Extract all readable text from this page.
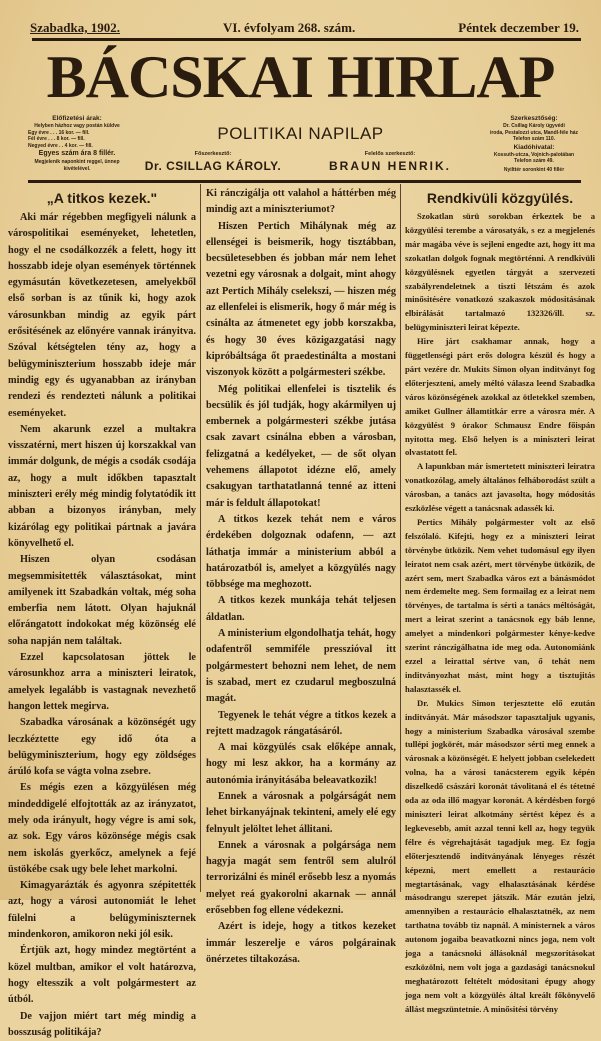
Szabadka, 1902.	VI. évfolyam 268. szám.	Péntek deczember 19.
BÁCSKAI HIRLAP
POLITIKAI NAPILAP
Előfizetési árak:
Helyben házhoz vagy postán küldve
Egy évre . . . 16 kor. — fill.
Fél évre . . . 8 kor. — fill.
Negyed évre . . 4 kor. — fill.
Egyes szám ára 8 fillér.
Megjelenik naponkint reggel, ünnep kivételével.
Szerkesztőség:
Dr. Csillag Károly ügyvédi
iroda, Pestalozzi utca, Mandl-féle ház
Telefon szám 110.
Kiadóhivatal:
Kossuth-utcza, Vojnich-palotában
Telefon szám 49.
Nyilttér soronkint 40 fillér
Főszerkesztő:
Dr. CSILLAG KÁROLY.
Felelős szerkesztő:
BRAUN HENRIK.
„A titkos kezek."

Aki már régebben megfigyeli nálunk a várospolitikai eseményeket, lehetetlen, hogy el ne csodálkozzék a felett, hogy itt hosszabb ideje olyan események történnek egymásután következetesen, amelyekből első sorban is az tűnik ki, hogy azok városunkban mindig az egyik párt erősitésének az előnyére vannak irányitva. Szóval kétségtelen tény az, hogy a belügyminiszterium hosszabb ideje már mindig egy és ugyanabban az irányban rendezi és rendezteti nálunk a politikai eseményeket.

Nem akarunk ezzel a multakra visszatérni, mert hiszen új korszakkal van immár dolgunk, de mégis a csodák csodája az, hogy a mult időkben tapasztalt miniszteri erély még mindig folytatódik itt abban a bizonyos irányban, mely kizárólag egy politikai pártnak a javára könyvelhető el.

Hiszen olyan csodásan megsemmisitették választásokat, mint amilyenek itt Szabadkán voltak, még soha emberfia nem látott. Olyan hajuknál előrángatott indokokat még közönség elé soha napján nem találtak.

Ezzel kapcsolatosan jöttek le városunkhoz arra a miniszteri leiratok, amelyek legalább is vastagnak nevezhető hangon lettek megirva.

Szabadka városának a közönségét ugy leczkéztette egy idő óta a belügyminiszterium, hogy egy zöldséges árúló kofa se vágta volna zsebre.

Es mégis ezen a közgyülésen még mindeddigelé elfojtották az az irányzatot, mely oda irányult, hogy végre is ami sok, az sok. Egy város közönsége mégis csak nem iskolás gyerkőcz, amelynek a fejé üstökébe csak ugy bele lehet markolni.

Kimagyarázták és agyonra szépitették azt, hogy a városi autonomiát le lehet fülelni a belügyminiszternek mindenkoron, amikoron neki jól esik.

Értjük azt, hogy mindez megtörtént a közel multban, amikor el volt határozva, hogy eltesszik a volt polgármestert az útból.

De vajjon miért tart még mindig a bosszuság politikája?

Ki ránczigálja ott valahol a háttérben még mindig azt a miniszteriumot?

Hiszen Pertich Mihálynak még az ellenségei is beismerik, hogy tisztábban, becsületesebben és jobban már nem lehet vezetni egy városnak a dolgait, mint ahogy azt Pertich Mihály cselekszi, — hiszen még az ellenfelei is elismerik, hogy ő már még is csinálta az átmenetet egy jobb korszakba, és hogy 30 éves közigazgatási nagy kipróbáltsága őt praedestinálta a mostani viszonyok között a polgármesteri székbe.

Még politikai ellenfelei is tisztelik és becsülik és jól tudják, hogy akármilyen uj embernek a polgármesteri székbe jutása csak zavart csinálna ebben a városban, felizgatná a kedélyeket, — de sőt olyan vehemens állapotot idézne elő, amely csakugyan tarthatatlanná tenné az itteni már is feldult állapotokat!

A titkos kezek tehát nem e város érdekében dolgoznak odafenn, — azt láthatja immár a ministerium abból a határozatból is, amelyet a közgyülés nagy többsége ma meghozott.

A titkos kezek munkája tehát teljesen áldatlan.

A ministerium elgondolhatja tehát, hogy odafentről semmiféle presszióval itt polgármestert behozni nem lehet, de nem is szabad, mert ez czudarul megboszulná magát.

Tegyenek le tehát végre a titkos kezek a rejtett madzagok rángatásáról.

A mai közgyülés csak előképe annak, hogy mi lesz akkor, ha a kormány az autonómia irányitásába beleavatkozik!

Ennek a városnak a polgárságát nem lehet birkanyájnak tekinteni, amely elé egy felnyult jelöltet lehet állitani.

Ennek a városnak a polgársága nem hagyja magát sem fentről sem alulról terrorizálni és minél erősebb lesz a nyomás melyet reá gyakorolni akarnak — annál erősebben fog ellene védekezni.

Azért is ideje, hogy a titkos kezeket immár leszerelje e város polgárainak önérzetes tiltakozása.

Rendkivüli közgyülés.

Szokatlan sürü sorokban érkeztek be a közgyülési terembe a városatyák, s ez a megjelenés már magába véve is sejleni engedte azt, hogy itt ma szokatlan dolgok fognak megtörténni. A rendkivüli közgyülésnek egyetlen tárgyát a szervezeti szabályrendeletnek a tiszti létszám és azok minősitésére vonatkozó szakaszok módositásának elbirálását tartalmazó 132326/ill. sz. belügyminiszteri leirat képezte.

Hire járt csakhamar annak, hogy a függetlenségi párt erős dologra készül és hogy a párt vezére dr. Mukits Simon olyan inditványt fog előterjeszteni, amely méltó válasza leend Szabadka város közönségének azokkal az ötletekkel szemben, amiket Gullner államtitkár erre a városra mér. A közgyülést 9 órakor Schmausz Endre főispán nyitotta meg. Első helyen is a miniszteri leirat olvastatott fel.

A lapunkban már ismertetett miniszteri leiratra vonatkozólag, amely általános felháborodást szült a városban, a tanács azt javasolta, hogy módositás eszközlése végett a tanácsnak adassék ki.

Pertics Mihály polgármester volt az első felszólaló. Kifejti, hogy ez a miniszteri leirat törvénybe ütközik. Nem vehet tudomásul egy ilyen leiratot nem csak azért, mert törvénybe ütközik, de azért sem, mert Szabadka város ezt a bánásmódot nem érdemelte meg. Sem formailag ez a leirat nem törvényes, de tartalma is sérti a tanács méltóságát, mert a leirat szerint a tanácsnok egy báb lenne, amelyet a mindenkori polgármester kénye-kedve szerint ránczigálhatna ide meg oda. Autonomiánk ezzel a leirattal sértve van, ő tehát nem inditványozhat mást, mint hogy a tisztujitás halasztassék el.

Dr. Mukics Simon terjesztette elő ezután inditványát. Már másodszor tapasztaljuk ugyanis, hogy a ministerium Szabadka városával szembe tullépi jogkörét, már másodszor sérti meg ennek a városnak a közönségét. E helyett jobban cselekedett volna, ha a városi tanácsterem egyik képén diszelkedő császári koronát távolitaná el és tétetné oda az oda illő magyar koronát. A kérdésben forgó miniszteri leirat alkotmány sértést képez és a legkevesebb, amit azzal tenni kell az, hogy tegyük félre és végrehajtását tagadjuk meg. Ez fogja előterjesztendő inditványának lényeges részét képezni, mert emellett a restaurácio megtartásának, vagy elhalasztásának kérdése másodrangu szerepet játszik. Már ezután jelzi, amennyiben a restaurácio elhalasztatnék, az nem tarthatna tovább tiz napnál. A ministernek a város autonom jogaiba beavatkozni nincs joga, nem volt joga a tanácsnoki állásoknál megszorításokat eszközölni, nem volt joga a gazdasági tanácsnokul meghatározott feltételt módositani épugy ahogy joga nem volt a közgyülés által kreált főkönyvelő állást megszüntetnie. A minősitési törvény
